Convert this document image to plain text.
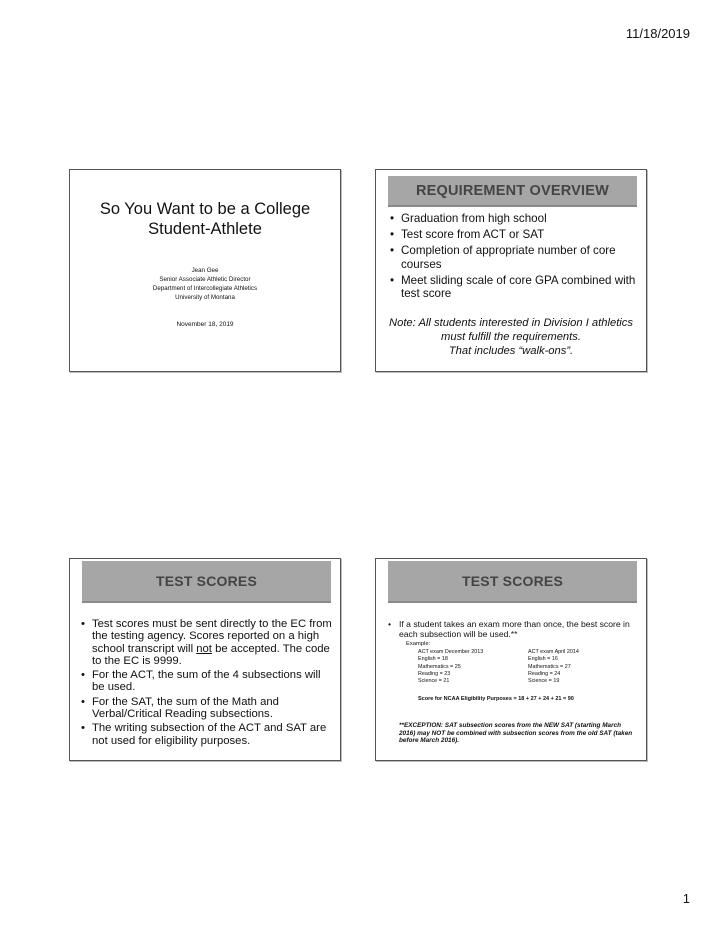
11/18/2019
So You Want to be a College Student-Athlete
Jean Gee
Senior Associate Athletic Director
Department of Intercollegiate Athletics
University of Montana
November 18, 2019
REQUIREMENT OVERVIEW
• Graduation from high school
• Test score from ACT or SAT
• Completion of appropriate number of core courses
• Meet sliding scale of core GPA combined with test score
Note: All students interested in Division I athletics must fulfill the requirements.
That includes “walk-ons”.
TEST SCORES
• Test scores must be sent directly to the EC from the testing agency. Scores reported on a high school transcript will not be accepted. The code to the EC is 9999.
• For the ACT, the sum of the 4 subsections will be used.
• For the SAT, the sum of the Math and Verbal/Critical Reading subsections.
• The writing subsection of the ACT and SAT are not used for eligibility purposes.
TEST SCORES
• If a student takes an exam more than once, the best score in each subsection will be used.**
Example:
ACT exam December 2013
English = 18
Mathematics = 25
Reading = 23
Science = 21
ACT exam April 2014
English = 16
Mathematics = 27
Reading = 24
Science = 19
Score for NCAA Eligibility Purposes = 18 + 27 + 24 + 21 = 90
**EXCEPTION: SAT subsection scores from the NEW SAT (starting March 2016) may NOT be combined with subsection scores from the old SAT (taken before March 2016).
1
